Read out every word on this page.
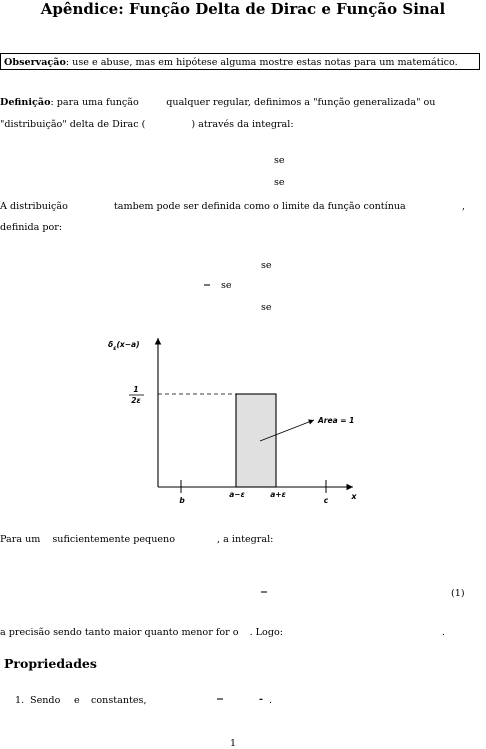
Apêndice: Função Delta de Dirac e Função Sinal
Observação: use e abuse, mas em hipótese alguma mostre estas notas para um matemático.
Definição: para uma função         qualquer regular, definimos a "função generalizada" ou
"distribuição" delta de Dirac (	) através da integral:
se
se
A distribuição	tambem pode ser definida como o limite da função contínua	,
definida por:
se
− se
se
$\delta_\varepsilon(x-a)$
1
2ε
b
a−ε	a+ε
c	x
Area = 1
Para um suficientemente pequeno	, a integral:
−	(1)
a precisão sendo tanto maior quanto menor for o . Logo:	.
Propriedades
1. Sendo e constantes,	−	- .
1
